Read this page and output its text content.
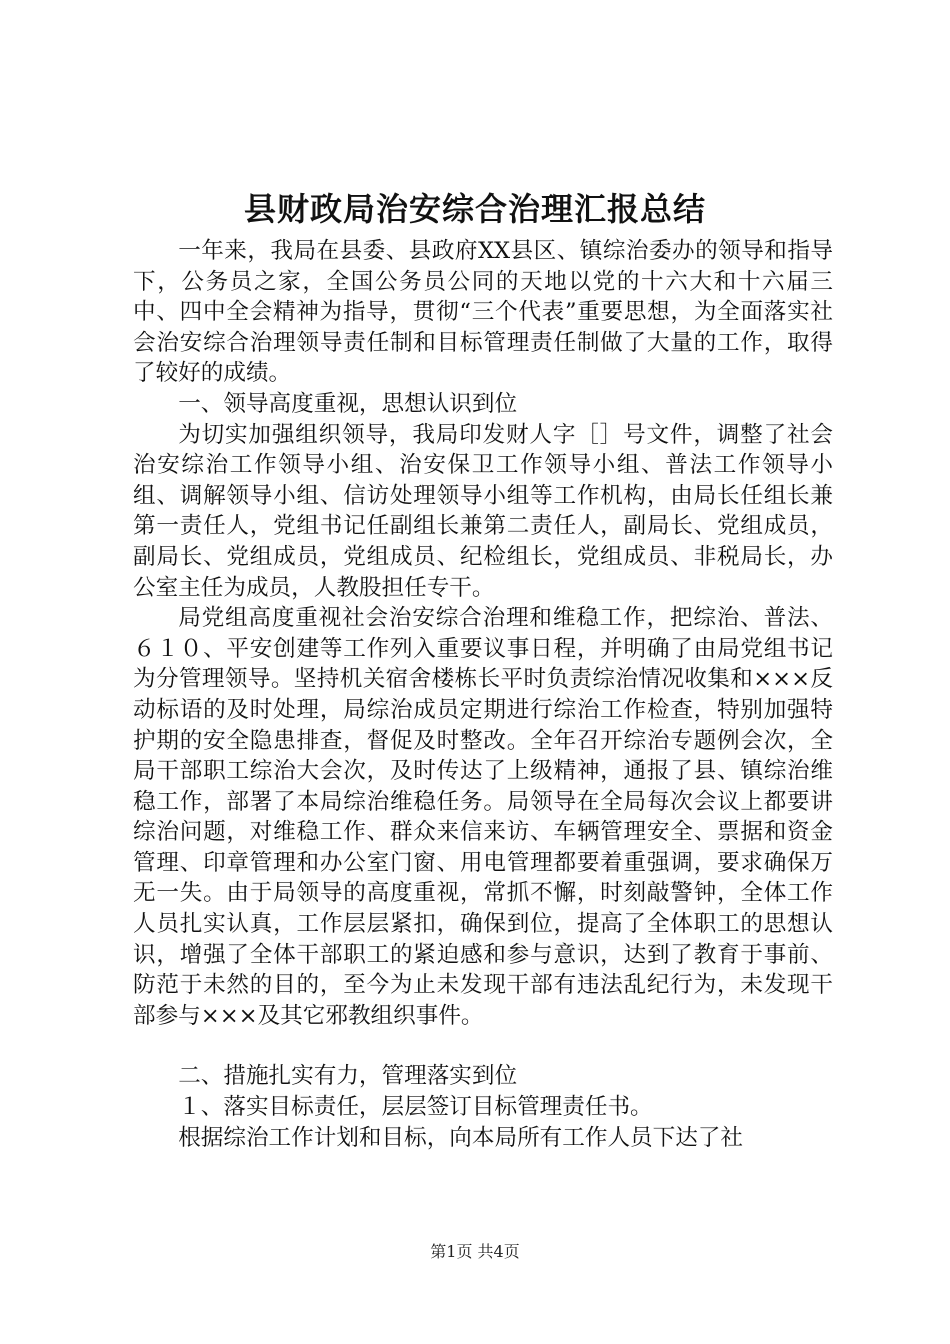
县财政局治安综合治理汇报总结

一年来，我局在县委、县政府XX县区、镇综治委办的领导和指导下，公务员之家，全国公务员公同的天地以党的十六大和十六届三中、四中全会精神为指导，贯彻“三个代表”重要思想，为全面落实社会治安综合治理领导责任制和目标管理责任制做了大量的工作，取得了较好的成绩。

一、领导高度重视，思想认识到位

为切实加强组织领导，我局印发财人字［］号文件，调整了社会治安综治工作领导小组、治安保卫工作领导小组、普法工作领导小组、调解领导小组、信访处理领导小组等工作机构，由局长任组长兼第一责任人，党组书记任副组长兼第二责任人，副局长、党组成员，副局长、党组成员，党组成员、纪检组长，党组成员、非税局长，办公室主任为成员，人教股担任专干。

局党组高度重视社会治安综合治理和维稳工作，把综治、普法、６１０、平安创建等工作列入重要议事日程，并明确了由局党组书记为分管理领导。坚持机关宿舍楼栋长平时负责综治情况收集和×××反动标语的及时处理，局综治成员定期进行综治工作检查，特别加强特护期的安全隐患排查，督促及时整改。全年召开综治专题例会次，全局干部职工综治大会次，及时传达了上级精神，通报了县、镇综治维稳工作，部署了本局综治维稳任务。局领导在全局每次会议上都要讲综治问题，对维稳工作、群众来信来访、车辆管理安全、票据和资金管理、印章管理和办公室门窗、用电管理都要着重强调，要求确保万无一失。由于局领导的高度重视，常抓不懈，时刻敲警钟，全体工作人员扎实认真，工作层层紧扣，确保到位，提高了全体职工的思想认识，增强了全体干部职工的紧迫感和参与意识，达到了教育于事前、防范于未然的目的，至今为止未发现干部有违法乱纪行为，未发现干部参与×××及其它邪教组织事件。

二、措施扎实有力，管理落实到位

１、落实目标责任，层层签订目标管理责任书。

根据综治工作计划和目标，向本局所有工作人员下达了社

第1页 共4页
